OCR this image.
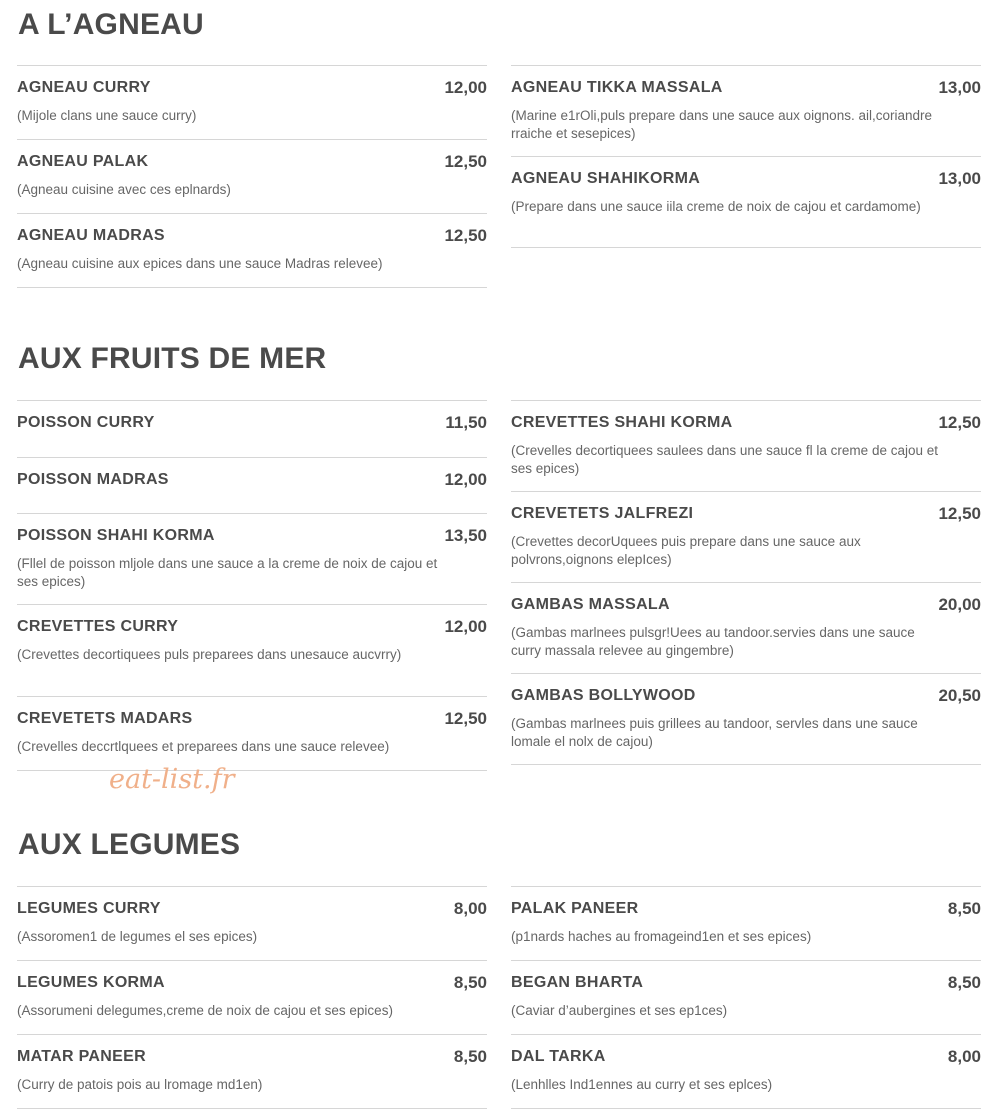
A L’AGNEAU
AGNEAU CURRY	12,00
(Mijole clans une sauce curry)
AGNEAU PALAK	12,50
(Agneau cuisine avec ces eplnards)
AGNEAU MADRAS	12,50
(Agneau cuisine aux epices dans une sauce Madras relevee)
AGNEAU TIKKA MASSALA	13,00
(Marine e1rOli,puls prepare dans une sauce aux oignons. ail,coriandre rraiche et sesepices)
AGNEAU SHAHIKORMA	13,00
(Prepare dans une sauce iila creme de noix de cajou et cardamome)
AUX FRUITS DE MER
POISSON CURRY	11,50
POISSON MADRAS	12,00
POISSON SHAHI KORMA	13,50
(Fllel de poisson mljole dans une sauce a la creme de noix de cajou et ses epices)
CREVETTES CURRY	12,00
(Crevettes decortiquees puls preparees dans unesauce aucvrry)
CREVETETS MADARS	12,50
(Crevelles deccrtlquees et preparees dans une sauce relevee)
CREVETTES SHAHI KORMA	12,50
(Crevelles decortiquees saulees dans une sauce fl la creme de cajou et ses epices)
CREVETETS JALFREZI	12,50
(Crevettes decorUquees puis prepare dans une sauce aux polvrons,oignons elepIces)
GAMBAS MASSALA	20,00
(Gambas marlnees pulsgr!Uees au tandoor.servies dans une sauce curry massala relevee au gingembre)
GAMBAS BOLLYWOOD	20,50
(Gambas marlnees puis grillees au tandoor, servles dans une sauce lomale el nolx de cajou)

eat-list.fr

AUX LEGUMES
LEGUMES CURRY	8,00
(Assoromen1 de legumes el ses epices)
LEGUMES KORMA	8,50
(Assorumeni delegumes,creme de noix de cajou et ses epices)
MATAR PANEER	8,50
(Curry de patois pois au lromage md1en)
PALAK PANEER	8,50
(p1nards haches au fromageind1en et ses epices)
BEGAN BHARTA	8,50
(Caviar d’aubergines et ses ep1ces)
DAL TARKA	8,00
(Lenhlles Ind1ennes au curry et ses eplces)
